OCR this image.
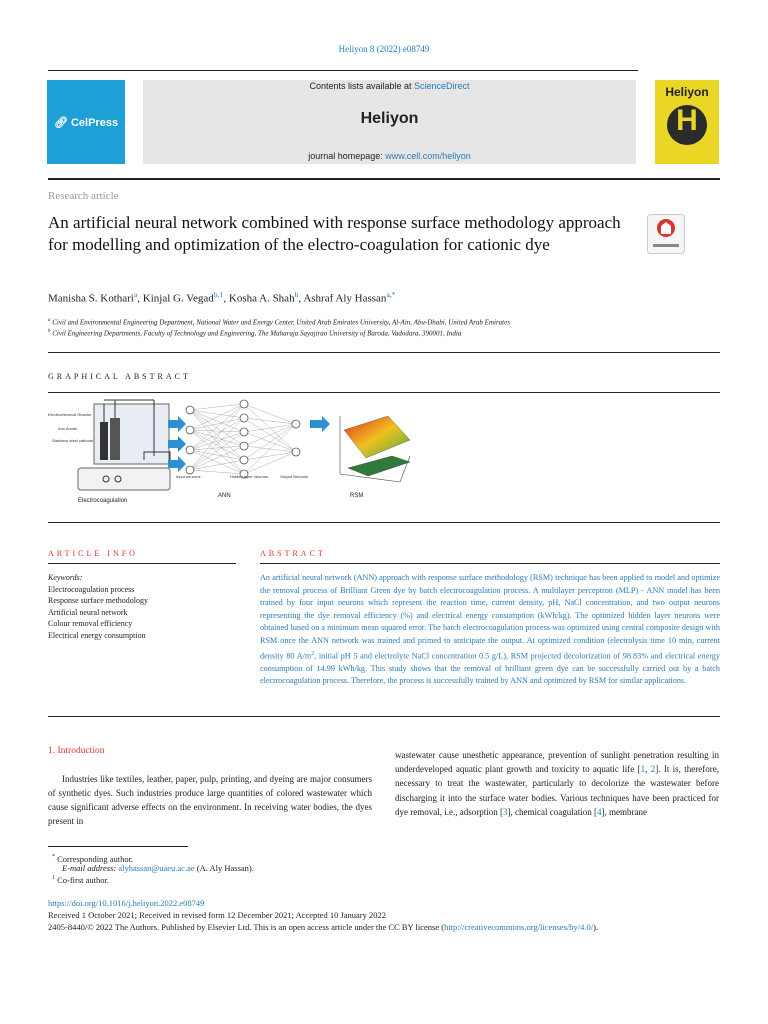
Heliyon 8 (2022) e08749
🔗︎ CelPress
Contents lists available at ScienceDirect
Heliyon
journal homepage: www.cell.com/heliyon
Heliyon
H
Research article
An artificial neural network combined with response surface methodology approach for modelling and optimization of the electro-coagulation for cationic dye
Manisha S. Kothari$^a$, Kinjal G. Vegad$^{b,1}$, Kosha A. Shah$^b$, Ashraf Aly Hassan$^{a,*}$
$^a$ Civil and Environmental Engineering Department, National Water and Energy Center, United Arab Emirates University, Al-Ain, Abu-Dhabi, United Arab Emirates
$^b$ Civil Engineering Departments, Faculty of Technology and Engineering, The Maharaja Sayajirao University of Baroda, Vadodara, 390001, India
GRAPHICAL ABSTRACT
Electrochemical Reactor
Iron Anode
Stainless steel cathode
Input neurons	Hidden layer neurons	Output Neurons
Electrocoagulation
ANN	RSM
ARTICLE INFO
Keywords:
Electrocoagulation process
Response surface methodology
Artificial neural network
Colour removal efficiency
Electrical energy consumption
ABSTRACT
An artificial neural network (ANN) approach with response surface methodology (RSM) technique has been applied to model and optimize the removal process of Brilliant Green dye by batch electrocoagulation process. A multilayer perceptron (MLP) - ANN model has been trained by four input neurons which represent the reaction time, current density, pH, NaCl concentration, and two output neurons representing the dye removal efficiency (%) and electrical energy consumption (kWh/kg). The optimized hidden layer neurons were obtained based on a minimum mean squared error. The batch electrocoagulation process was optimized using central composite design with RSM once the ANN network was trained and primed to anticipate the output. At optimized condition (electrolysis time 10 min, current density 80 $A/m^2$, initial pH 5 and electrolyte NaCl concentration 0.5 g/L), RSM projected decolorization of 98.83% and electrical energy consumption of 14.99 kWh/kg. This study shows that the removal of brilliant green dye can be successfully carried out by a batch electrocoagulation process. Therefore, the process is successfully trained by ANN and optimized by RSM for similar applications.
1. Introduction
Industries like textiles, leather, paper, pulp, printing, and dyeing are major consumers of synthetic dyes. Such industries produce large quantities of colored wastewater which cause significant adverse effects on the environment. In receiving water bodies, the dyes present in
wastewater cause unesthetic appearance, prevention of sunlight penetration resulting in underdeveloped aquatic plant growth and toxicity to aquatic life [1, 2]. It is, therefore, necessary to treat the wastewater, particularly to decolorize the wastewater before discharging it into the surface water bodies. Various techniques have been practiced for dye removal, i.e., adsorption [3], chemical coagulation [4], membrane
* Corresponding author.
E-mail address: alyhassan@uaeu.ac.ae (A. Aly Hassan).
$^1$ Co-first author.
https://doi.org/10.1016/j.heliyon.2022.e08749
Received 1 October 2021; Received in revised form 12 December 2021; Accepted 10 January 2022
2405-8440/© 2022 The Authors. Published by Elsevier Ltd. This is an open access article under the CC BY license (http://creativecommons.org/licenses/by/4.0/).
